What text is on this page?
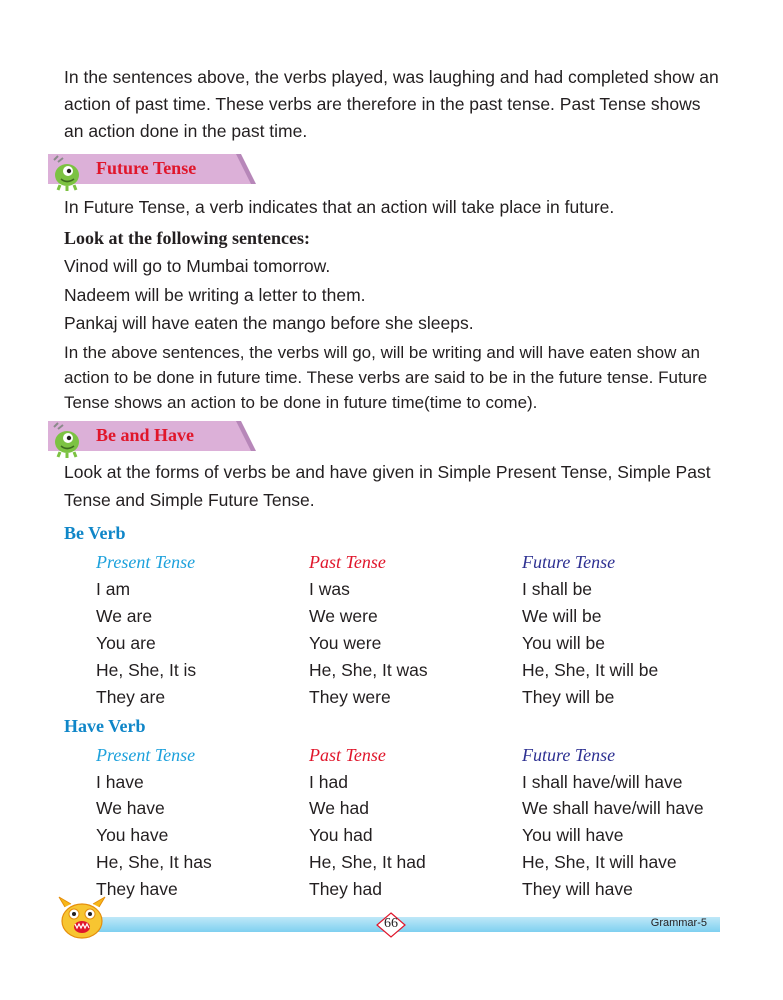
In the sentences above, the verbs played, was laughing and had completed show an action of past time. These verbs are therefore in the past tense. Past Tense shows an action done in the past time.

Future Tense

In Future Tense, a verb indicates that an action will take place in future.

Look at the following sentences:

Vinod will go to Mumbai tomorrow.

Nadeem will be writing a letter to them.

Pankaj will have eaten the mango before she sleeps.

In the above sentences, the verbs will go, will be writing and will have eaten show an action to be done in future time. These verbs are said to be in the future tense. Future Tense shows an action to be done in future time(time to come).

Be and Have

Look at the forms of verbs be and have given in Simple Present Tense, Simple Past Tense and Simple Future Tense.

Be Verb
Present Tense	Past Tense	Future Tense
I am	I was	I shall be
We are	We were	We will be
You are	You were	You will be
He, She, It is	He, She, It was	He, She, It will be
They are	They were	They will be
Have Verb
Present Tense	Past Tense	Future Tense
I have	I had	I shall have/will have
We have	We had	We shall have/will have
You have	You had	You will have
He, She, It has	He, She, It had	He, She, It will have
They have	They had	They will have
66	Grammar-5
